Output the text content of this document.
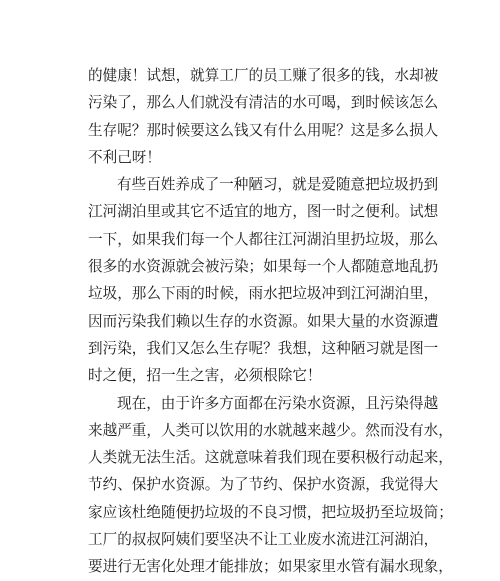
的健康！试想，就算工厂的员工赚了很多的钱，水却被
污染了，那么人们就没有清洁的水可喝，到时候该怎么
生存呢？那时候要这么钱又有什么用呢？这是多么损人
不利己呀！
有些百姓养成了一种陋习，就是爱随意把垃圾扔到
江河湖泊里或其它不适宜的地方，图一时之便利。试想
一下，如果我们每一个人都往江河湖泊里扔垃圾，那么
很多的水资源就会被污染；如果每一个人都随意地乱扔
垃圾，那么下雨的时候，雨水把垃圾冲到江河湖泊里，
因而污染我们赖以生存的水资源。如果大量的水资源遭
到污染，我们又怎么生存呢？我想，这种陋习就是图一
时之便，招一生之害，必须根除它！
现在，由于许多方面都在污染水资源，且污染得越
来越严重，人类可以饮用的水就越来越少。然而没有水，
人类就无法生活。这就意味着我们现在要积极行动起来，
节约、保护水资源。为了节约、保护水资源，我觉得大
家应该杜绝随便扔垃圾的不良习惯，把垃圾扔至垃圾筒；
工厂的叔叔阿姨们要坚决不让工业废水流进江河湖泊，
要进行无害化处理才能排放；如果家里水管有漏水现象，
